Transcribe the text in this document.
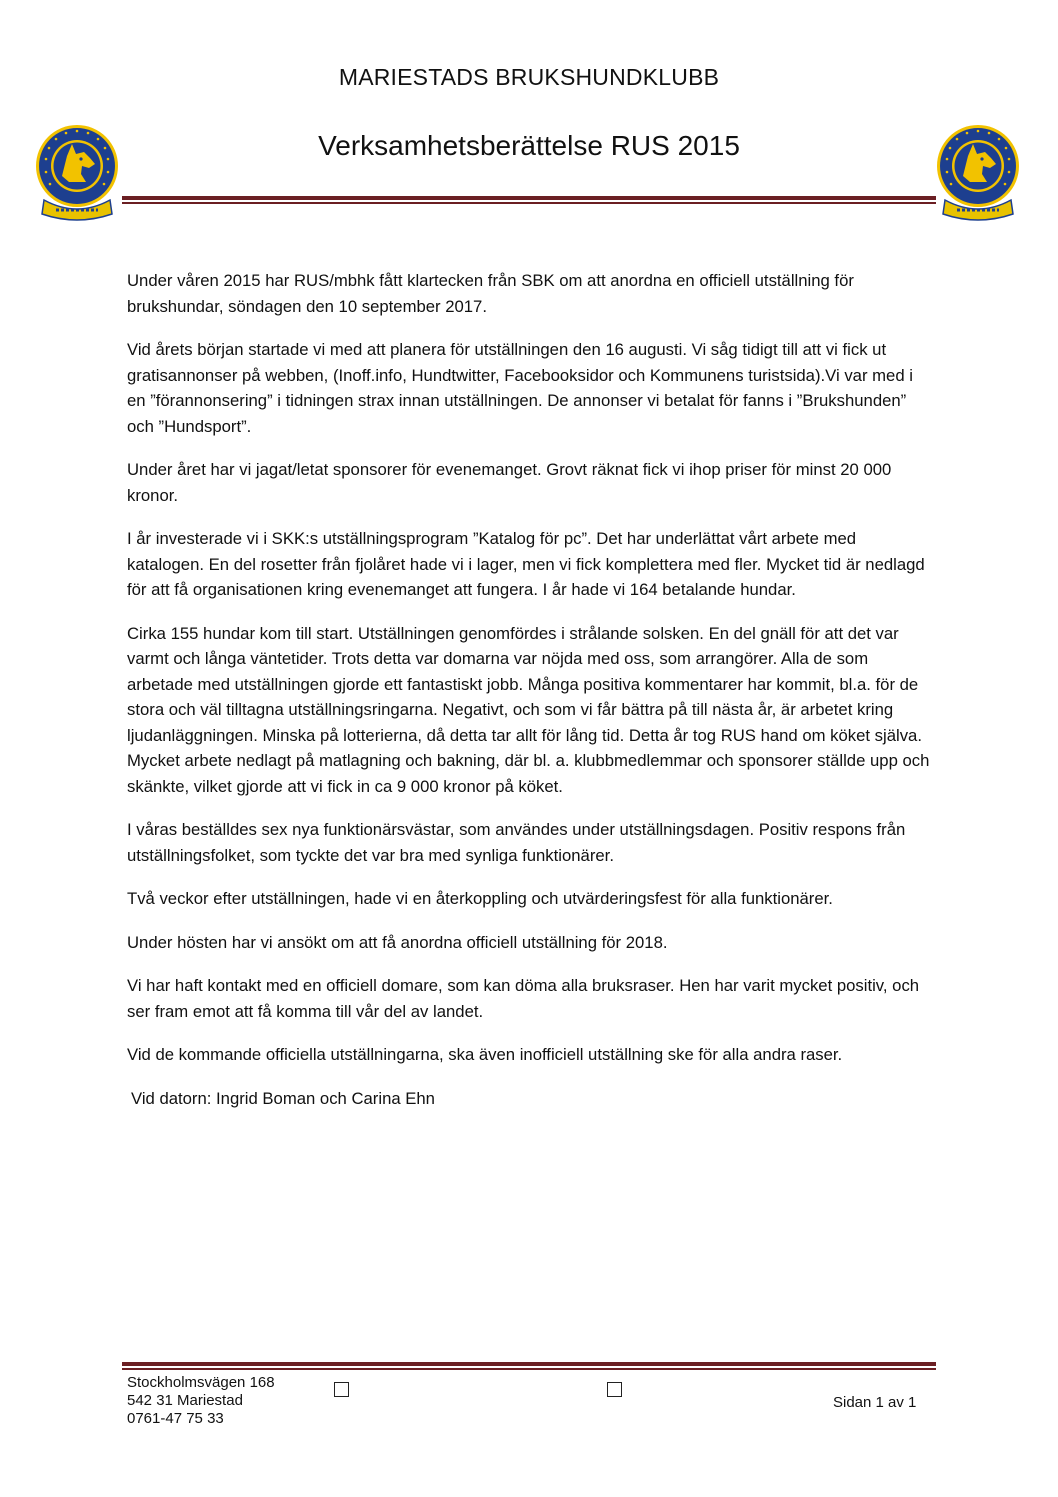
MARIESTADS BRUKSHUNDKLUBB
Verksamhetsberättelse RUS 2015

Under våren 2015 har RUS/mbhk fått klartecken från SBK om att anordna en officiell utställning för brukshundar, söndagen den 10 september 2017.

Vid årets början startade vi med att planera för utställningen den 16 augusti. Vi såg tidigt till att vi fick ut gratisannonser på webben, (Inoff.info, Hundtwitter, Facebooksidor och Kommunens turistsida).Vi var med i en ”förannonsering” i tidningen strax innan utställningen. De annonser vi betalat för fanns i ”Brukshunden” och ”Hundsport”.

Under året har vi jagat/letat sponsorer för evenemanget. Grovt räknat fick vi ihop priser för minst 20 000 kronor.

I år investerade vi i SKK:s utställningsprogram ”Katalog för pc”. Det har underlättat vårt arbete med katalogen. En del rosetter från fjolåret hade vi i lager, men vi fick komplettera med fler. Mycket tid är nedlagd för att få organisationen kring evenemanget att fungera. I år hade vi 164 betalande hundar.

Cirka 155 hundar kom till start. Utställningen genomfördes i strålande solsken. En del gnäll för att det var varmt och långa väntetider. Trots detta var domarna var nöjda med oss, som arrangörer. Alla de som arbetade med utställningen gjorde ett fantastiskt jobb. Många positiva kommentarer har kommit, bl.a. för de stora och väl tilltagna utställningsringarna. Negativt, och som vi får bättra på till nästa år, är arbetet kring ljudanläggningen. Minska på lotterierna, då detta tar allt för lång tid. Detta år tog RUS hand om köket själva. Mycket arbete nedlagt på matlagning och bakning, där bl. a. klubbmedlemmar och sponsorer ställde upp och skänkte, vilket gjorde att vi fick in ca 9 000 kronor på köket.

I våras beställdes sex nya funktionärsvästar, som användes under utställningsdagen. Positiv respons från utställningsfolket, som tyckte det var bra med synliga funktionärer.

Två veckor efter utställningen, hade vi en återkoppling och utvärderingsfest för alla funktionärer.

Under hösten har vi ansökt om att få anordna officiell utställning för 2018.

Vi har haft kontakt med en officiell domare, som kan döma alla bruksraser. Hen har varit mycket positiv, och ser fram emot att få komma till vår del av landet.

Vid de kommande officiella utställningarna, ska även inofficiell utställning ske för alla andra raser.

Vid datorn: Ingrid Boman och Carina Ehn

Stockholmsvägen 168
542 31 Mariestad
0761-47 75 33
Sidan 1 av 1
